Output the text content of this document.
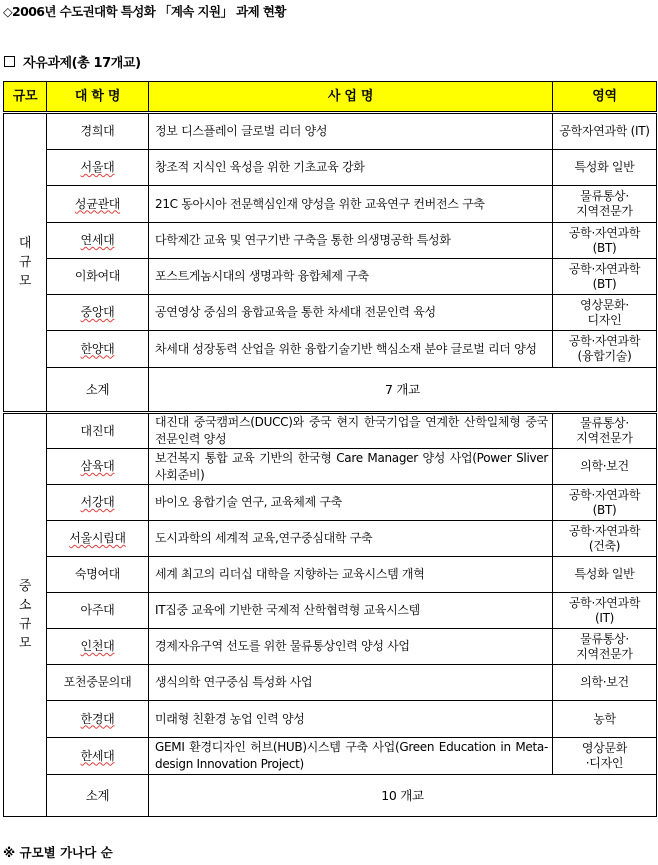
◇2006년 수도권대학 특성화 「계속 지원」 과제 현황
자유과제(총 17개교)
규모	대 학 명	사 업 명	영역
대
규
모	경희대	정보 디스플레이 글로벌 리더 양성	공학자연과학 (IT)
	서울대	창조적 지식인 육성을 위한 기초교육 강화	특성화 일반
	성균관대	21C 동아시아 전문핵심인재 양성을 위한 교육연구 컨버전스 구축	물류통상·
지역전문가
	연세대	다학제간 교육 및 연구기반 구축을 통한 의생명공학 특성화	공학·자연과학
(BT)
	이화여대	포스트게놈시대의 생명과학 융합체제 구축	공학·자연과학
(BT)
	중앙대	공연영상 중심의 융합교육을 통한 차세대 전문인력 육성	영상문화·
디자인
	한양대	차세대 성장동력 산업을 위한 융합기술기반 핵심소재 분야 글로벌 리더 양성	공학·자연과학
(융합기술)
	소계	7 개교	
중
소
규
모	대진대	대진대 중국캠퍼스(DUCC)와 중국 현지 한국기업을 연계한 산학일체형 중국전문인력 양성	물류통상·
지역전문가
	삼육대	보건복지 통합 교육 기반의 한국형 Care Manager 양성 사업(Power Sliver 사회준비)	의학·보건
	서강대	바이오 융합기술 연구, 교육체제 구축	공학·자연과학
(BT)
	서울시립대	도시과학의 세계적 교육,연구중심대학 구축	공학·자연과학
(건축)
	숙명여대	세계 최고의 리더십 대학을 지향하는 교육시스템 개혁	특성화 일반
	아주대	IT집중 교육에 기반한 국제적 산학협력형 교육시스템	공학·자연과학
(IT)
	인천대	경제자유구역 선도를 위한 물류통상인력 양성 사업	물류통상·
지역전문가
	포천중문의대	생식의학 연구중심 특성화 사업	의학·보건
	한경대	미래형 친환경 농업 인력 양성	농학
	한세대	GEMI 환경디자인 허브(HUB)시스템 구축 사업(Green Education in Meta-design Innovation Project)	영상문화
·디자인
	소계	10 개교	
※ 규모별 가나다 순
